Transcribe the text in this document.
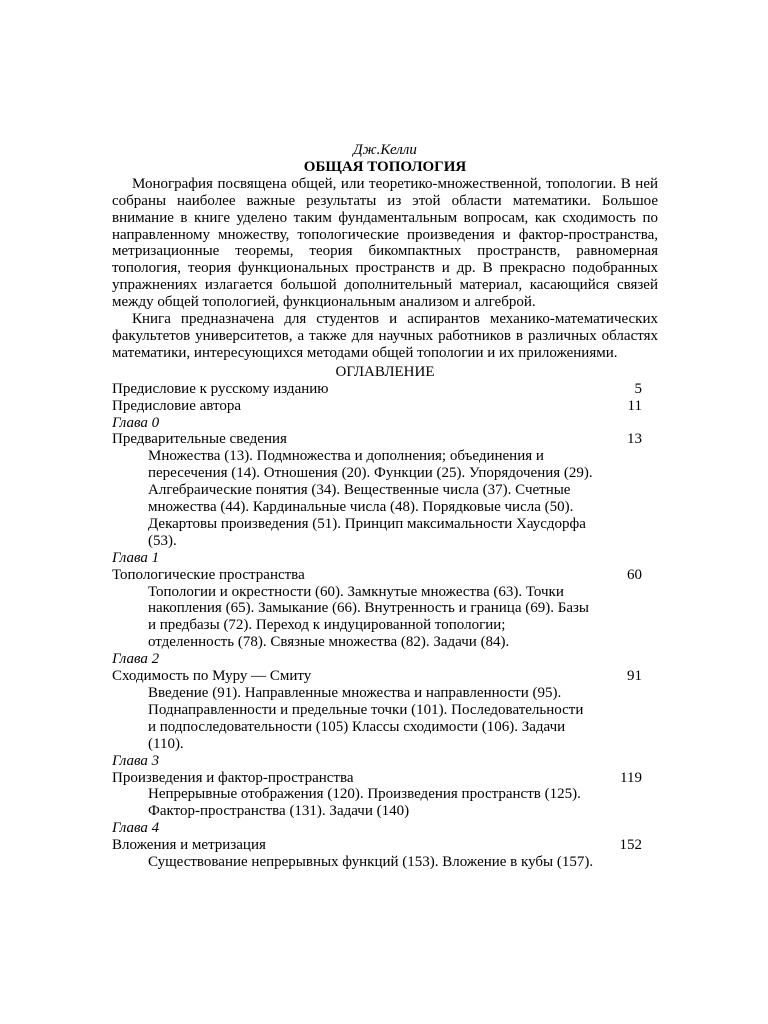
Дж.Келли
ОБЩАЯ ТОПОЛОГИЯ

Монография посвящена общей, или теоретико-множественной, топологии. В ней собраны наиболее важные результаты из этой области математики. Большое внимание в книге уделено таким фундаментальным вопросам, как сходимость по направленному множеству, топологические произведения и фактор-пространства, метризационные теоремы, теория бикомпактных пространств, равномерная топология, теория функциональных пространств и др. В прекрасно подобранных упражнениях излагается большой дополнительный материал, касающийся связей между общей топологией, функциональным анализом и алгеброй.

Книга предназначена для студентов и аспирантов механико-математических факультетов университетов, а также для научных работников в различных областях математики, интересующихся методами общей топологии и их приложениями.

ОГЛАВЛЕНИЕ
Предисловие к русскому изданию	5
Предисловие автора	11
Глава 0
Предварительные сведения	13
Множества (13). Подмножества и дополнения; объединения и
пересечения (14). Отношения (20). Функции (25). Упорядочения (29).
Алгебраические понятия (34). Вещественные числа (37). Счетные
множества (44). Кардинальные числа (48). Порядковые числа (50).
Декартовы произведения (51). Принцип максимальности Хаусдорфа
(53).
Глава 1
Топологические пространства	60
Топологии и окрестности (60). Замкнутые множества (63). Точки
накопления (65). Замыкание (66). Внутренность и граница (69). Базы
и предбазы (72). Переход к индуцированной топологии;
отделенность (78). Связные множества (82). Задачи (84).
Глава 2
Сходимость по Муру — Смиту	91
Введение (91). Направленные множества и направленности (95).
Поднаправленности и предельные точки (101). Последовательности
и подпоследовательности (105) Классы сходимости (106). Задачи
(110).
Глава 3
Произведения и фактор-пространства	119
Непрерывные отображения (120). Произведения пространств (125).
Фактор-пространства (131). Задачи (140)
Глава 4
Вложения и метризация	152
Существование непрерывных функций (153). Вложение в кубы (157).
